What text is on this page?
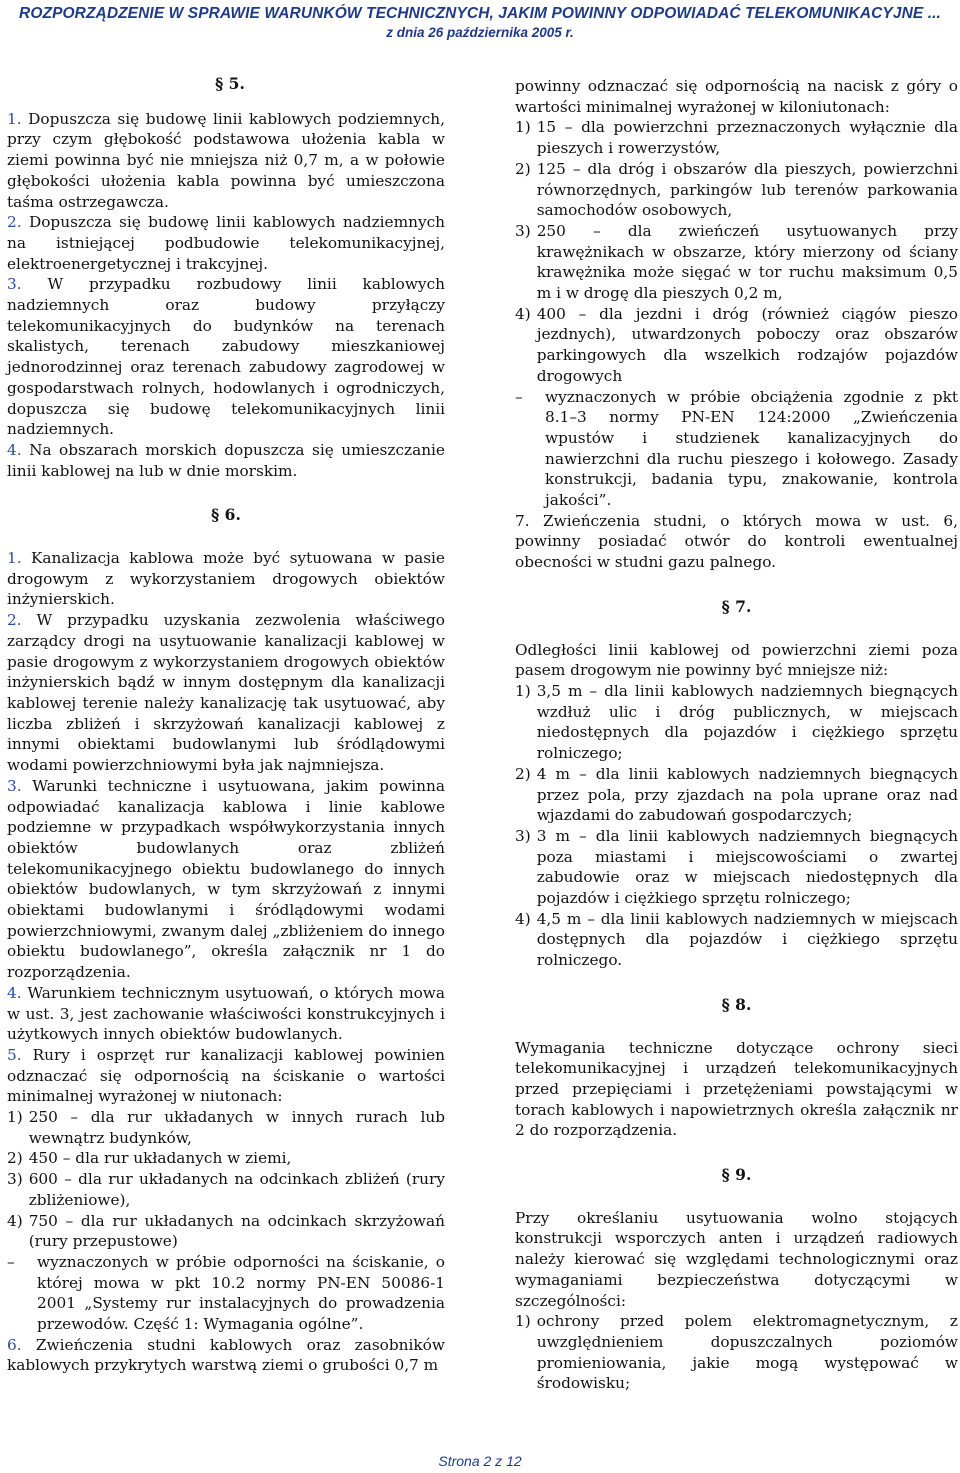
ROZPORZĄDZENIE W SPRAWIE WARUNKÓW TECHNICZNYCH, JAKIM POWINNY ODPOWIADAĆ TELEKOMUNIKACYJNE ...
z dnia 26 października 2005 r.
§ 5.

1. Dopuszcza się budowę linii kablowych podziemnych, przy czym głębokość podstawowa ułożenia kabla w ziemi powinna być nie mniejsza niż 0,7 m, a w połowie głębokości ułożenia kabla powinna być umieszczona taśma ostrzegawcza.

2. Dopuszcza się budowę linii kablowych nadziemnych na istniejącej podbudowie telekomunikacyjnej, elektroenergetycznej i trakcyjnej.

3. W przypadku rozbudowy linii kablowych nadziemnych oraz budowy przyłączy telekomunikacyjnych do budynków na terenach skalistych, terenach zabudowy mieszkaniowej jednorodzinnej oraz terenach zabudowy zagrodowej w gospodarstwach rolnych, hodowlanych i ogrodniczych, dopuszcza się budowę telekomunikacyjnych linii nadziemnych.

4. Na obszarach morskich dopuszcza się umieszczanie linii kablowej na lub w dnie morskim.

§ 6.

1. Kanalizacja kablowa może być sytuowana w pasie drogowym z wykorzystaniem drogowych obiektów inżynierskich.

2. W przypadku uzyskania zezwolenia właściwego zarządcy drogi na usytuowanie kanalizacji kablowej w pasie drogowym z wykorzystaniem drogowych obiektów inżynierskich bądź w innym dostępnym dla kanalizacji kablowej terenie należy kanalizację tak usytuować, aby liczba zbliżeń i skrzyżowań kanalizacji kablowej z innymi obiektami budowlanymi lub śródlądowymi wodami powierzchniowymi była jak najmniejsza.

3. Warunki techniczne i usytuowana, jakim powinna odpowiadać kanalizacja kablowa i linie kablowe podziemne w przypadkach współwykorzystania innych obiektów budowlanych oraz zbliżeń telekomunikacyjnego obiektu budowlanego do innych obiektów budowlanych, w tym skrzyżowań z innymi obiektami budowlanymi i śródlądowymi wodami powierzchniowymi, zwanym dalej „zbliżeniem do innego obiektu budowlanego”, określa załącznik nr 1 do rozporządzenia.

4. Warunkiem technicznym usytuowań, o których mowa w ust. 3, jest zachowanie właściwości konstrukcyjnych i użytkowych innych obiektów budowlanych.

5. Rury i osprzęt rur kanalizacji kablowej powinien odznaczać się odpornością na ściskanie o wartości minimalnej wyrażonej w niutonach:

1) 250 – dla rur układanych w innych rurach lub wewnątrz budynków,
2) 450 – dla rur układanych w ziemi,
3) 600 – dla rur układanych na odcinkach zbliżeń (rury zbliżeniowe),
4) 750 – dla rur układanych na odcinkach skrzyżowań (rury przepustowe)
–	wyznaczonych w próbie odporności na ściskanie, o której mowa w pkt 10.2 normy PN-EN 50086-1 2001 „Systemy rur instalacyjnych do prowadzenia przewodów. Część 1: Wymagania ogólne”.

6. Zwieńczenia studni kablowych oraz zasobników kablowych przykrytych warstwą ziemi o grubości 0,7 m

powinny odznaczać się odpornością na nacisk z góry o wartości minimalnej wyrażonej w kiloniutonach:

1) 15 – dla powierzchni przeznaczonych wyłącznie dla pieszych i rowerzystów,
2) 125 – dla dróg i obszarów dla pieszych, powierzchni równorzędnych, parkingów lub terenów parkowania samochodów osobowych,
3) 250 – dla zwieńczeń usytuowanych przy krawężnikach w obszarze, który mierzony od ściany krawężnika może sięgać w tor ruchu maksimum 0,5 m i w drogę dla pieszych 0,2 m,
4) 400 – dla jezdni i dróg (również ciągów pieszo jezdnych), utwardzonych poboczy oraz obszarów parkingowych dla wszelkich rodzajów pojazdów drogowych
–	wyznaczonych w próbie obciążenia zgodnie z pkt 8.1–3 normy PN-EN 124:2000 „Zwieńczenia wpustów i studzienek kanalizacyjnych do nawierzchni dla ruchu pieszego i kołowego. Zasady konstrukcji, badania typu, znakowanie, kontrola jakości”.

7. Zwieńczenia studni, o których mowa w ust. 6, powinny posiadać otwór do kontroli ewentualnej obecności w studni gazu palnego.

§ 7.

Odległości linii kablowej od powierzchni ziemi poza pasem drogowym nie powinny być mniejsze niż:

1) 3,5 m – dla linii kablowych nadziemnych biegnących wzdłuż ulic i dróg publicznych, w miejscach niedostępnych dla pojazdów i ciężkiego sprzętu rolniczego;
2) 4 m – dla linii kablowych nadziemnych biegnących przez pola, przy zjazdach na pola uprane oraz nad wjazdami do zabudowań gospodarczych;
3) 3 m – dla linii kablowych nadziemnych biegnących poza miastami i miejscowościami o zwartej zabudowie oraz w miejscach niedostępnych dla pojazdów i ciężkiego sprzętu rolniczego;
4) 4,5 m – dla linii kablowych nadziemnych w miejscach dostępnych dla pojazdów i ciężkiego sprzętu rolniczego.
§ 8.

Wymagania techniczne dotyczące ochrony sieci telekomunikacyjnej i urządzeń telekomunikacyjnych przed przepięciami i przetężeniami powstającymi w torach kablowych i napowietrznych określa załącznik nr 2 do rozporządzenia.

§ 9.

Przy określaniu usytuowania wolno stojących konstrukcji wsporczych anten i urządzeń radiowych należy kierować się względami technologicznymi oraz wymaganiami bezpieczeństwa dotyczącymi w szczególności:

1) ochrony przed polem elektromagnetycznym, z uwzględnieniem dopuszczalnych poziomów promieniowania, jakie mogą występować w środowisku;
Strona 2 z 12
